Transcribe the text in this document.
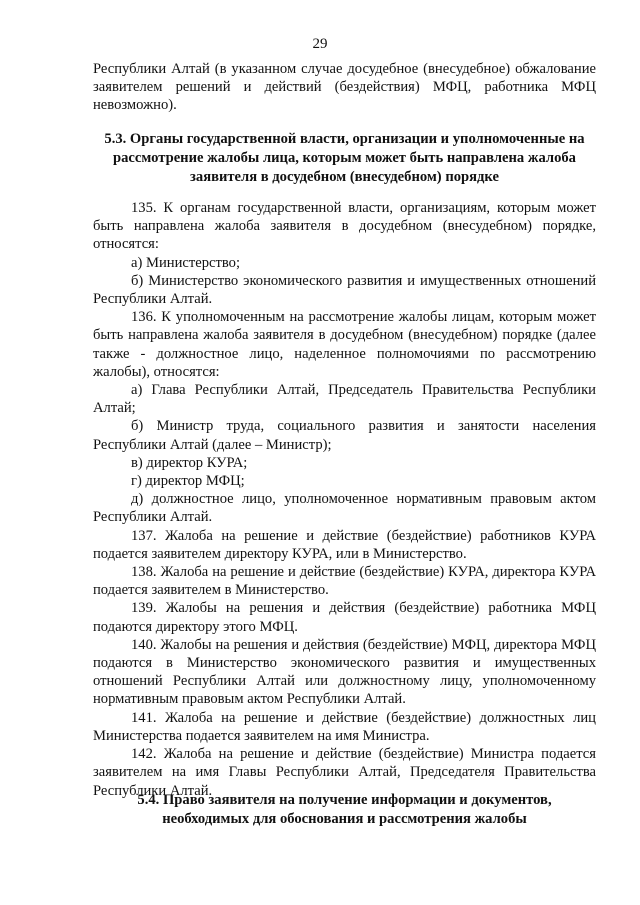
29

Республики Алтай (в указанном случае досудебное (внесудебное) обжалование заявителем решений и действий (бездействия) МФЦ, работника МФЦ невозможно).

5.3. Органы государственной власти, организации и уполномоченные на рассмотрение жалобы лица, которым может быть направлена жалоба заявителя в досудебном (внесудебном) порядке

135. К органам государственной власти, организациям, которым может быть направлена жалоба заявителя в досудебном (внесудебном) порядке, относятся:

а) Министерство;

б) Министерство экономического развития и имущественных отношений Республики Алтай.

136. К уполномоченным на рассмотрение жалобы лицам, которым может быть направлена жалоба заявителя в досудебном (внесудебном) порядке (далее также - должностное лицо, наделенное полномочиями по рассмотрению жалобы), относятся:

а) Глава Республики Алтай, Председатель Правительства Республики Алтай;

б) Министр труда, социального развития и занятости населения Республики Алтай (далее – Министр);

в) директор КУРА;

г) директор МФЦ;

д) должностное лицо, уполномоченное нормативным правовым актом Республики Алтай.

137. Жалоба на решение и действие (бездействие) работников КУРА подается заявителем директору КУРА, или в Министерство.

138. Жалоба на решение и действие (бездействие) КУРА, директора КУРА подается заявителем в Министерство.

139. Жалобы на решения и действия (бездействие) работника МФЦ подаются директору этого МФЦ.

140. Жалобы на решения и действия (бездействие) МФЦ, директора МФЦ подаются в Министерство экономического развития и имущественных отношений Республики Алтай или должностному лицу, уполномоченному нормативным правовым актом Республики Алтай.

141. Жалоба на решение и действие (бездействие) должностных лиц Министерства подается заявителем на имя Министра.

142. Жалоба на решение и действие (бездействие) Министра подается заявителем на имя Главы Республики Алтай, Председателя Правительства Республики Алтай.

5.4. Право заявителя на получение информации и документов, необходимых для обоснования и рассмотрения жалобы
